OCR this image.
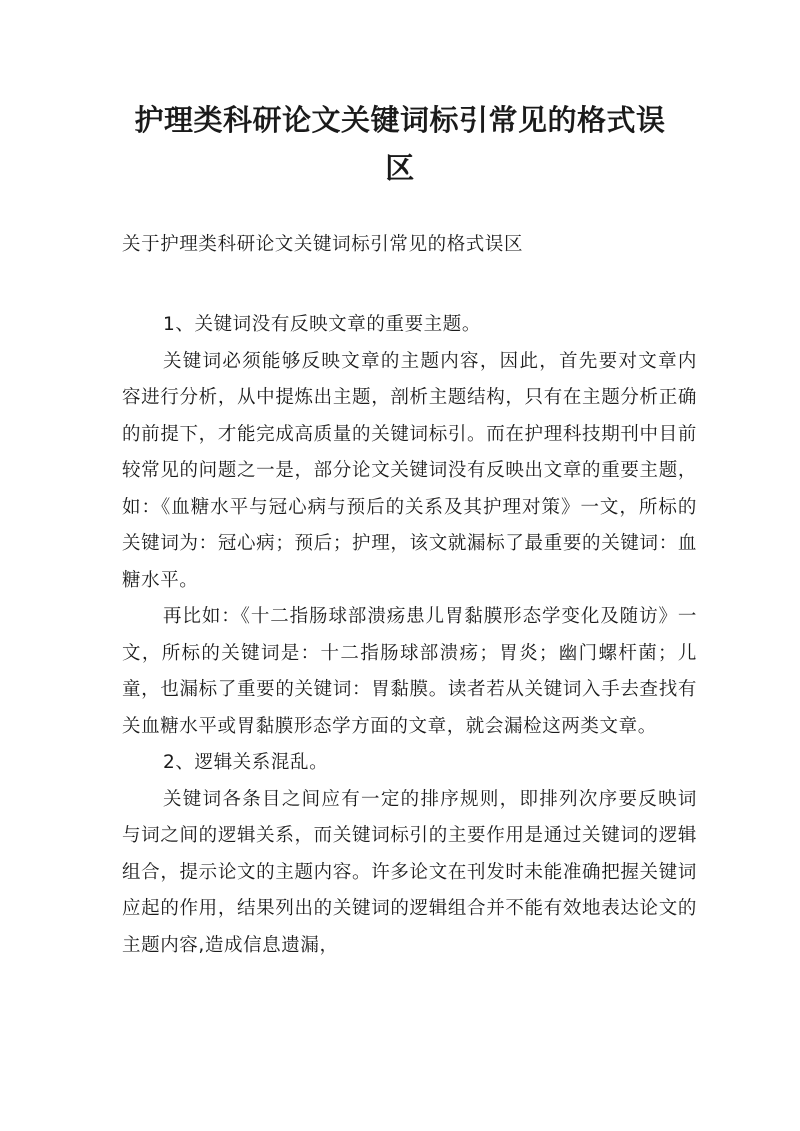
护理类科研论文关键词标引常见的格式误
区

关于护理类科研论文关键词标引常见的格式误区

1、关键词没有反映文章的重要主题。

关键词必须能够反映文章的主题内容，因此，首先要对文章内容进行分析，从中提炼出主题，剖析主题结构，只有在主题分析正确的前提下，才能完成高质量的关键词标引。而在护理科技期刊中目前较常见的问题之一是，部分论文关键词没有反映出文章的重要主题，如：《血糖水平与冠心病与预后的关系及其护理对策》一文，所标的关键词为：冠心病；预后；护理，该文就漏标了最重要的关键词：血糖水平。

再比如：《十二指肠球部溃疡患儿胃黏膜形态学变化及随访》一文，所标的关键词是：十二指肠球部溃疡；胃炎；幽门螺杆菌；儿童，也漏标了重要的关键词：胃黏膜。读者若从关键词入手去查找有关血糖水平或胃黏膜形态学方面的文章，就会漏检这两类文章。

2、逻辑关系混乱。

关键词各条目之间应有一定的排序规则，即排列次序要反映词与词之间的逻辑关系，而关键词标引的主要作用是通过关键词的逻辑组合，提示论文的主题内容。许多论文在刊发时未能准确把握关键词应起的作用，结果列出的关键词的逻辑组合并不能有效地表达论文的主题内容,造成信息遗漏，
